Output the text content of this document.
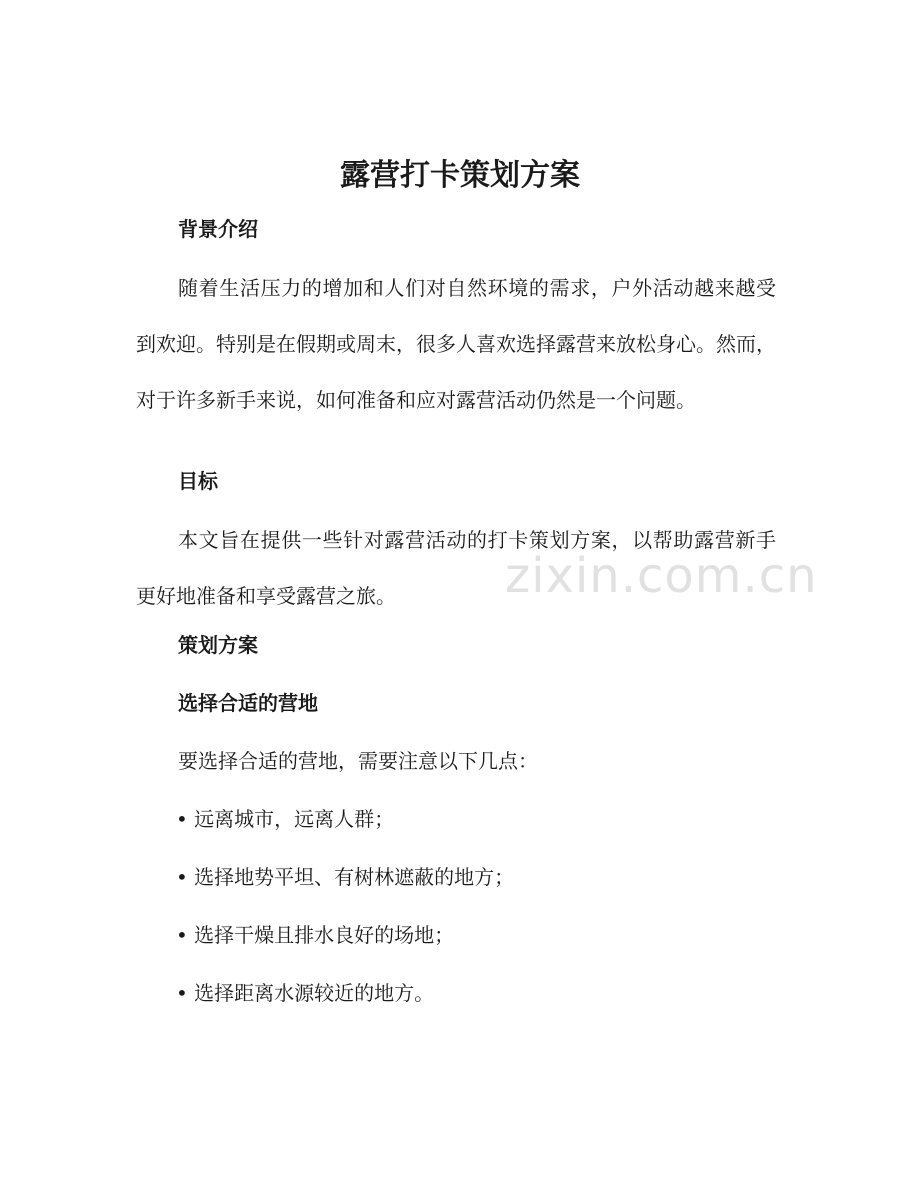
露营打卡策划方案
背景介绍

随着生活压力的增加和人们对自然环境的需求，户外活动越来越受到欢迎。特别是在假期或周末，很多人喜欢选择露营来放松身心。然而，对于许多新手来说，如何准备和应对露营活动仍然是一个问题。

目标

本文旨在提供一些针对露营活动的打卡策划方案，以帮助露营新手更好地准备和享受露营之旅。

策划方案
选择合适的营地
要选择合适的营地，需要注意以下几点：
• 远离城市，远离人群；
• 选择地势平坦、有树林遮蔽的地方；
• 选择干燥且排水良好的场地；
• 选择距离水源较近的地方。
zixin.com.cn
